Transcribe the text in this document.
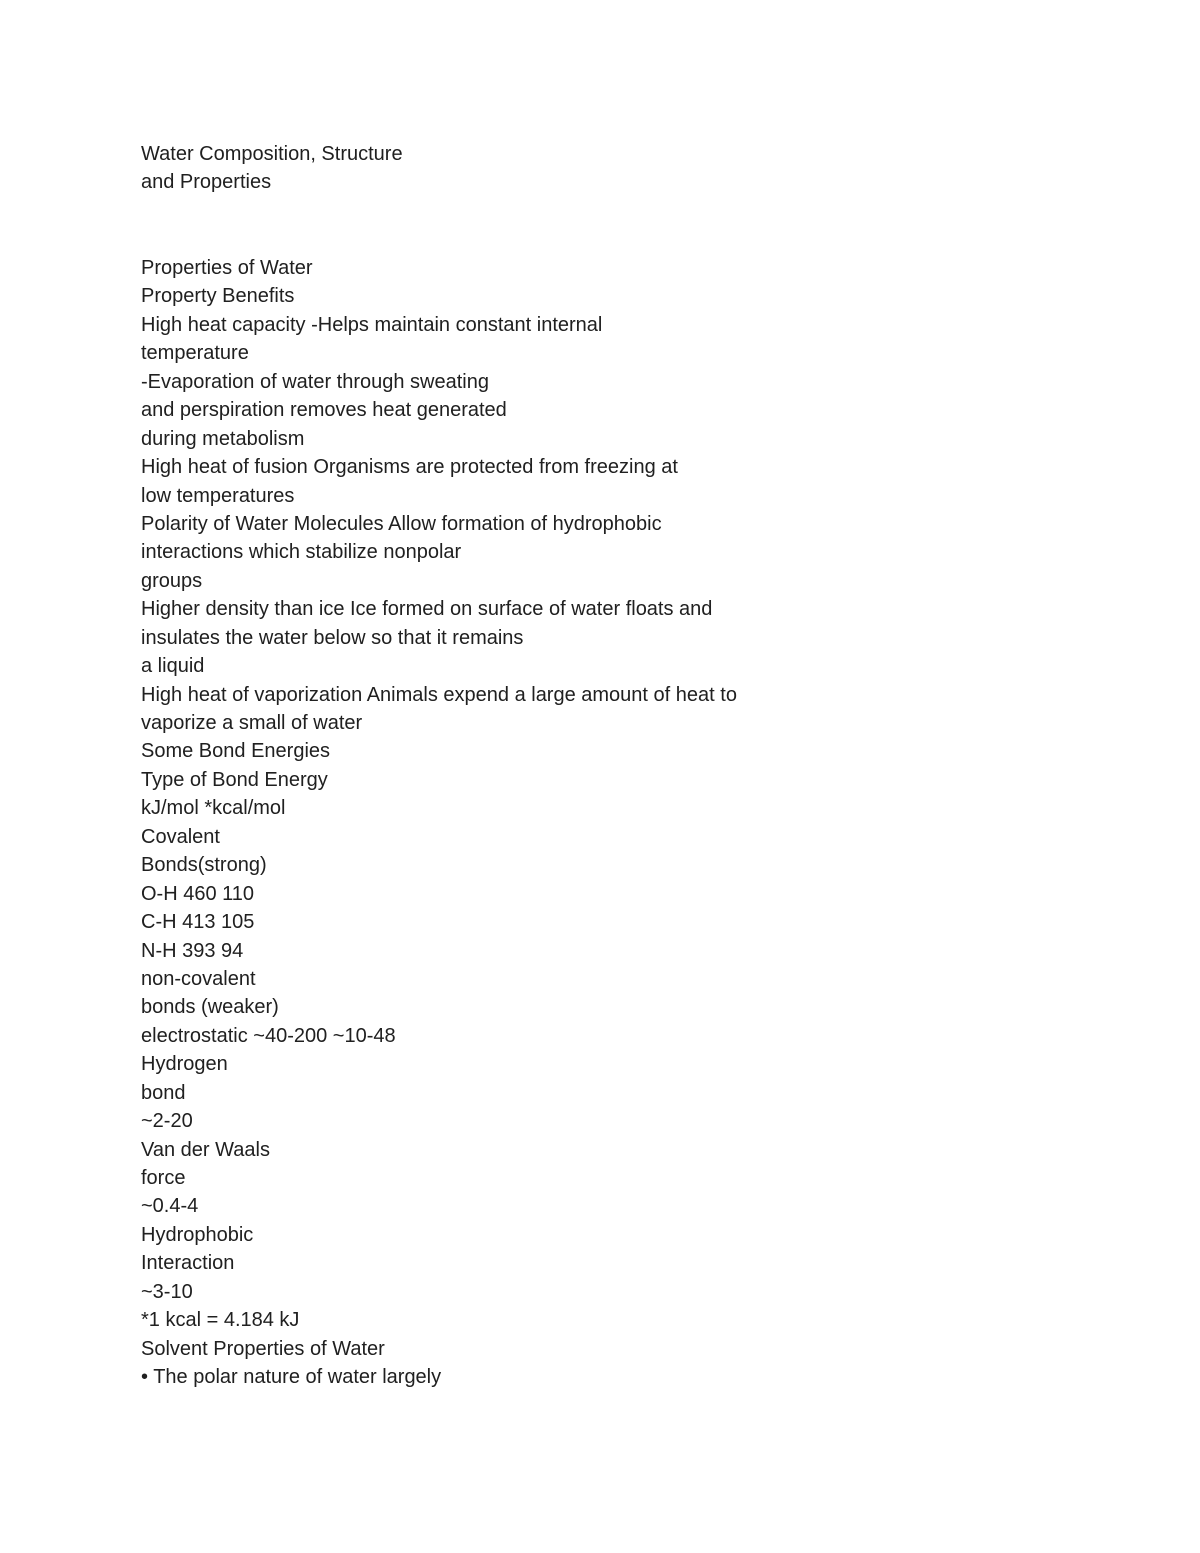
Water Composition, Structure
and Properties
Properties of Water
Property Benefits
High heat capacity -Helps maintain constant internal
temperature
-Evaporation of water through sweating
and perspiration removes heat generated
during metabolism
High heat of fusion Organisms are protected from freezing at
low temperatures
Polarity of Water Molecules Allow formation of hydrophobic
interactions which stabilize nonpolar
groups
Higher density than ice Ice formed on surface of water floats and
insulates the water below so that it remains
a liquid
High heat of vaporization Animals expend a large amount of heat to
vaporize a small of water
Some Bond Energies
Type of Bond Energy
kJ/mol *kcal/mol
Covalent
Bonds(strong)
O-H 460 110
C-H 413 105
N-H 393 94
non-covalent
bonds (weaker)
electrostatic ~40-200 ~10-48
Hydrogen
bond
~2-20
Van der Waals
force
~0.4-4
Hydrophobic
Interaction
~3-10
*1 kcal = 4.184 kJ
Solvent Properties of Water
• The polar nature of water largely
